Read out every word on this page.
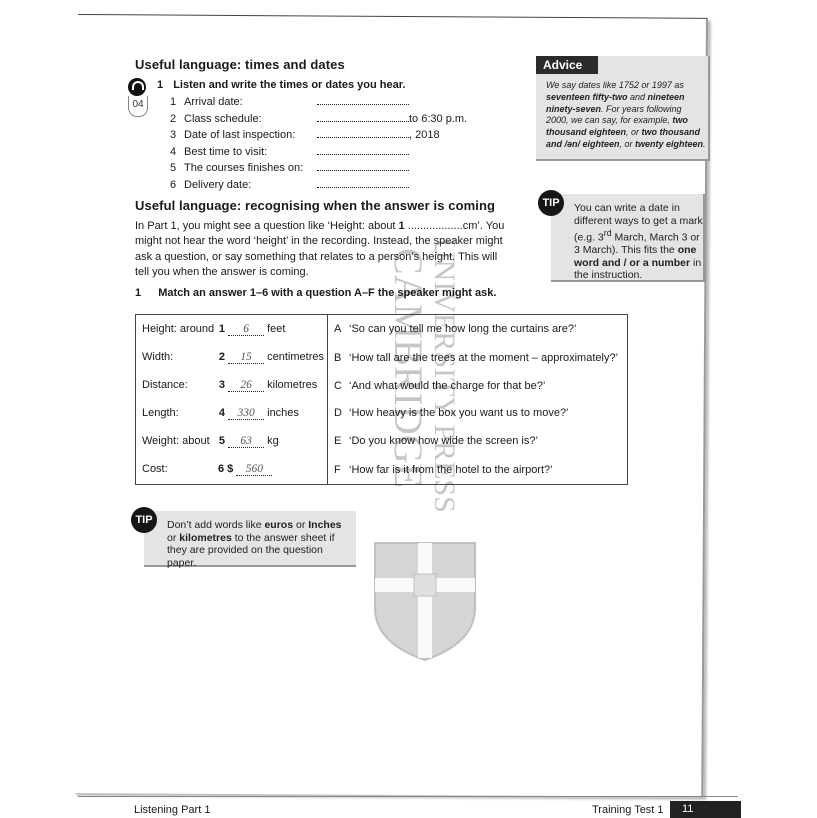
CAMBRIDGE
UNIVERSITY PRESS
Useful language: times and dates
04
1 Listen and write the times or dates you hear.
1 Arrival date:
2 Class schedule:	to 6:30 p.m.
3 Date of last inspection:	, 2018
4 Best time to visit:
5 The courses finishes on:
6 Delivery date:
Advice
We say dates like 1752 or 1997 as seventeen fifty-two and nineteen ninety-seven. For years following 2000, we can say, for example, two thousand eighteen, or two thousand and /ən/ eighteen, or twenty eighteen.
Useful language: recognising when the answer is coming
In Part 1, you might see a question like ‘Height: about 1 ..................cm’. You might not hear the word ‘height’ in the recording. Instead, the speaker might ask a question, or say something that relates to a person’s height. This will tell you when the answer is coming.
1 Match an answer 1–6 with a question A–F the speaker might ask.
TIP	You can write a date in different ways to get a mark (e.g. 3rd March, March 3 or 3 March). This fits the one word and / or a number in the instruction.
Height: around 1 6 feet	A ‘So can you tell me how long the curtains are?’
Width: 2 15 centimetres	B ‘How tall are the trees at the moment – approximately?’
Distance: 3 26 kilometres	C ‘And what would the charge for that be?’
Length: 4 330 inches	D ‘How heavy is the box you want us to move?’
Weight: about 5 63 kg	E ‘Do you know how wide the screen is?’
Cost: 6 $ 560	F ‘How far is it from the hotel to the airport?’
TIP	Don’t add words like euros or Inches or kilometres to the answer sheet if they are provided on the question paper.
Listening Part 1	Training Test 1	11
